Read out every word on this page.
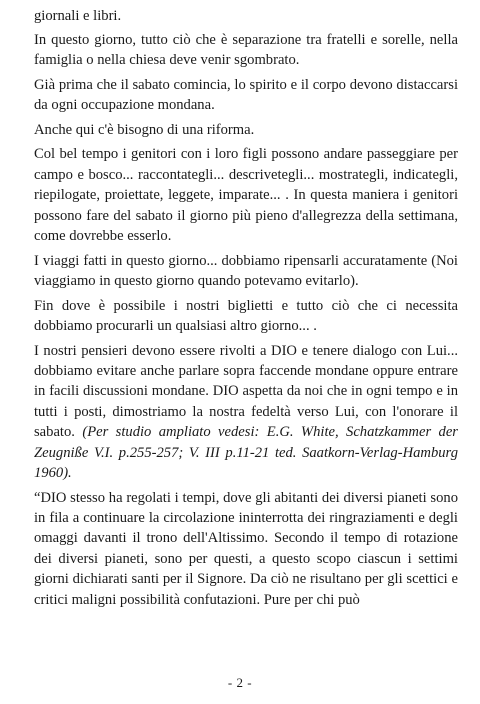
giornali e libri.

In questo giorno, tutto ciò che è separazione tra fratelli e sorelle, nella famiglia o nella chiesa deve venir sgombrato.

Già prima che il sabato comincia, lo spirito e il corpo devono distaccarsi da ogni occupazione mondana.

Anche qui c'è bisogno di una riforma.

Col bel tempo i genitori con i loro figli possono andare passeggiare per campo e bosco... raccontategli... descrivetegli... mostrategli, indicategli, riepilogate, proiettate, leggete, imparate... . In questa maniera i genitori possono fare del sabato il giorno più pieno d'allegrezza della settimana, come dovrebbe esserlo.

I viaggi fatti in questo giorno... dobbiamo ripensarli accuratamente (Noi viaggiamo in questo giorno quando potevamo evitarlo).

Fin dove è possibile i nostri biglietti e tutto ciò che ci necessita dobbiamo procurarli un qualsiasi altro giorno... .

I nostri pensieri devono essere rivolti a DIO e tenere dialogo con Lui... dobbiamo evitare anche parlare sopra faccende mondane oppure entrare in facili discussioni mondane. DIO aspetta da noi che in ogni tempo e in tutti i posti, dimostriamo la nostra fedeltà verso Lui, con l'onorare il sabato. (Per studio ampliato vedesi: E.G. White, Schatzkammer der Zeugniße V.I. p.255-257; V. III p.11-21 ted. Saatkorn-Verlag-Hamburg 1960).

“DIO stesso ha regolati i tempi, dove gli abitanti dei diversi pianeti sono in fila a continuare la circolazione ininterrotta dei ringraziamenti e degli omaggi davanti il trono dell'Altissimo. Secondo il tempo di rotazione dei diversi pianeti, sono per questi, a questo scopo ciascun i settimi giorni dichiarati santi per il Signore. Da ciò ne risultano per gli scettici e critici maligni possibilità confutazioni. Pure per chi può

- 2 -
